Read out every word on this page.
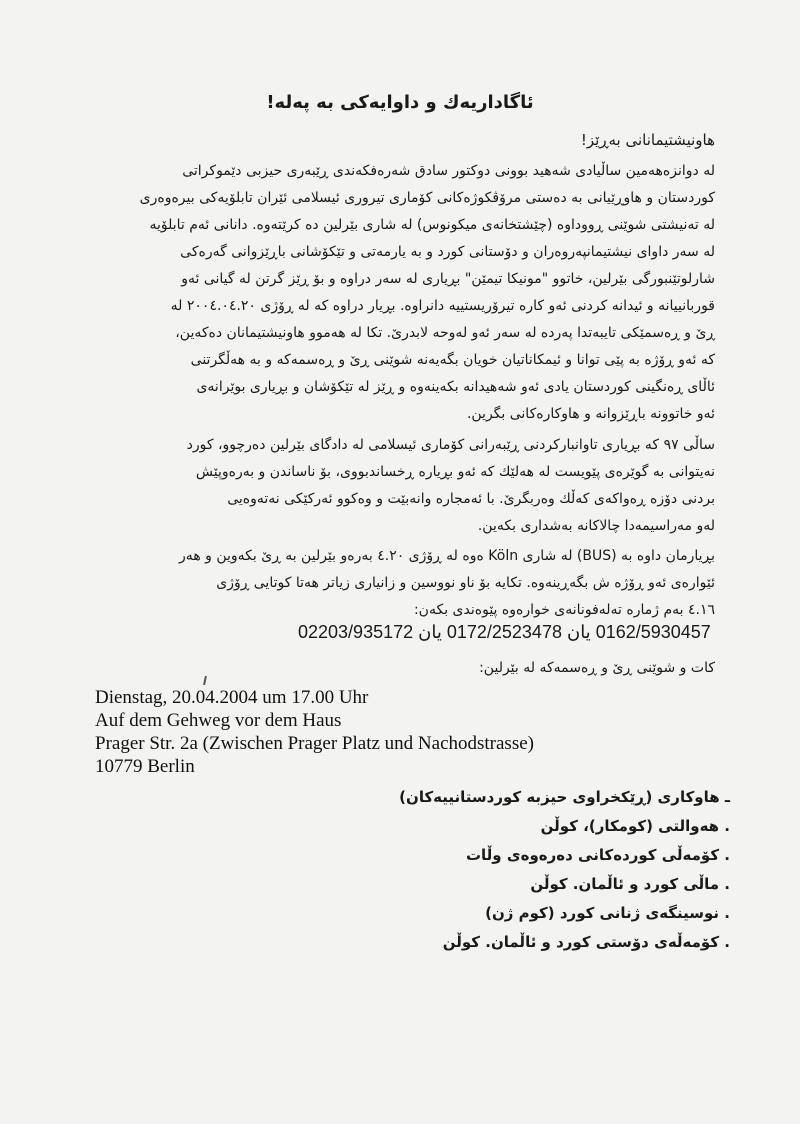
ئاگاداریەك و داوایەكی بە پەلە!
هاونیشتیمانانی بەڕێز!
لە دوانزەهەمین ساڵیادی شەهید بوونی دوكتور سادق شەرەفكەندی ڕێبەری حیزبی دێموكراتی
كوردستان و هاوڕێیانی بە دەستی مرۆڤكوژەكانی كۆماری تیروری ئیسلامی ئێران تابلۆیەكی بیرەوەری
لە تەنیشتی شوێنی ڕووداوە (چێشتخانەی میكونوس) لە شاری بێرلین دە كرێتەوە. دانانی ئەم تابلۆیە
لە سەر داوای نیشتیمانپەروەران و دۆستانی كورد و بە یارمەتی و تێكۆشانی باڕێزوانی گەرەكی
شارلوتێنبورگی بێرلین، خاتوو "مونیكا تیمێن" بڕیاری لە سەر دراوە و بۆ ڕێز گرتن لە گیانی ئەو
قوربانییانە و ئیدانە كردنی ئەو كارە تیرۆریستییە دانراوە. بڕیار دراوە كە لە ڕۆژی ٢٠٠٤.٠٤.٢٠ لە
ڕێ و ڕەسمێكی تایبەتدا پەردە لە سەر ئەو لەوحە لابدرێ. تكا لە هەموو هاونیشتیمانان دەكەین،
كە ئەو ڕۆژە بە پێی توانا و ئیمكاناتیان خویان بگەیەنە شوێنی ڕێ و ڕەسمەكە و بە هەڵگرتنی
ئاڵای ڕەنگینی كوردستان یادی ئەو شەهیدانە بكەینەوە و ڕێز لە تێكۆشان و بڕیاری بوێرانەی
ئەو خاتوونە باڕێزوانە و هاوكارەكانی بگرین.
ساڵی ٩٧ كە بڕیاری تاوانباركردنی ڕێبەرانی كۆماری ئیسلامی لە دادگای بێرلین دەرچوو، كورد
نەیتوانی بە گوێرەی پێویست لە هەلێك كە ئەو بڕیارە ڕخساندبووی، بۆ ناساندن و بەرەوپێش
بردنی دۆزە ڕەواكەی كەڵك وەربگرێ. با ئەمجارە وانەبێت و وەكوو ئەركێكی نەتەوەیی
لەو مەراسیمەدا چالاكانە بەشداری بكەین.
بڕیارمان داوە بە (BUS) لە شاری Köln ەوە لە ڕۆژی ٤.٢٠ بەرەو بێرلین بە ڕێ بكەوین و هەر
ئێوارەی ئەو ڕۆژە ش بگەڕینەوە. تكایە بۆ ناو نووسین و زانیاری زیاتر هەتا كوتایی ڕۆژی
٤.١٦ بەم ژمارە تەلەفونانەی خوارەوە پێوەندی بكەن:
0162/5930457 یان 0172/2523478 یان 02203/935172
كات و شوێنی ڕێ و ڕەسمەكە لە بێرلین:
Dienstag, 20.04.2004 um 17.00 Uhr
Auf dem Gehweg vor dem Haus
Prager Str. 2a (Zwischen Prager Platz und Nachodstrasse)
10779 Berlin
ـ هاوكاری (ڕێكخراوی حیزبە كوردستانییەكان)
. هەوالتی (كومكار)، كوڵن
. كۆمەڵی كوردەكانی دەرەوەی وڵات
. ماڵی كورد و ئاڵمان. كوڵن
. نوسینگەی ژنانی كورد (كوم ژن)
. كۆمەڵەی دۆستی كورد و ئاڵمان. كوڵن
